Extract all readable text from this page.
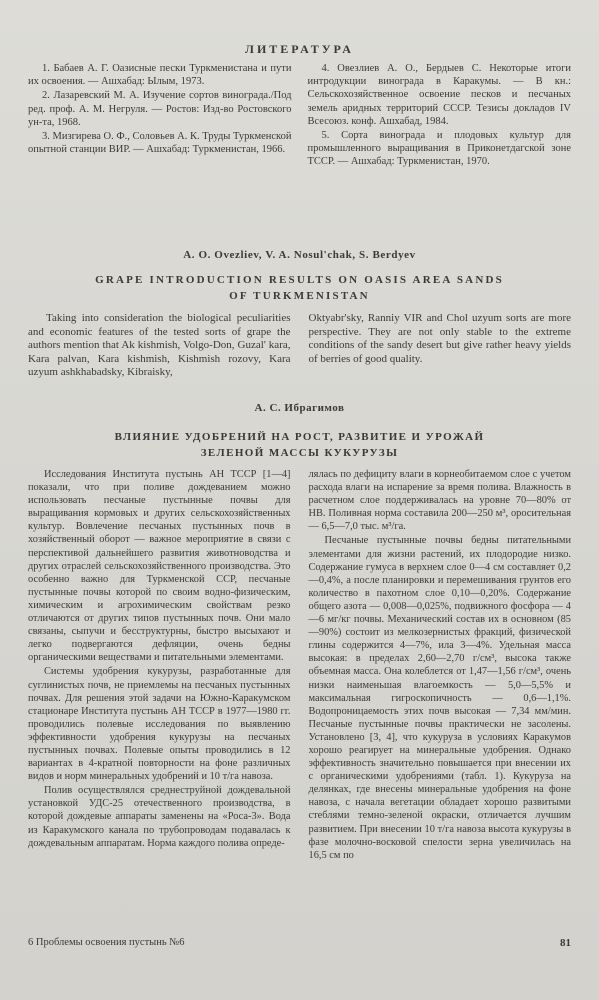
ЛИТЕРАТУРА

1. Бабаев А. Г. Оазисные пески Туркменистана и пути их освоения. — Ашхабад: Ылым, 1973.

2. Лазаревский М. А. Изучение сортов винограда./Под ред. проф. А. М. Негруля. — Ростов: Изд-во Ростовского ун-та, 1968.

3. Мизгирева О. Ф., Соловьев А. К. Труды Туркменской опытной станции ВИР. — Ашхабад: Туркменистан, 1966.

4. Овезлиев А. О., Бердыев С. Некоторые итоги интродукции винограда в Каракумы. — В кн.: Сельскохозяйственное освоение песков и песчаных земель аридных территорий СССР. Тезисы докладов IV Всесоюз. конф. Ашхабад, 1984.

5. Сорта винограда и плодовых культур для промышленного выращивания в Приконетдагской зоне ТССР. — Ашхабад: Туркменистан, 1970.

A. O. Ovezliev, V. A. Nosul'chak, S. Berdyev
GRAPE INTRODUCTION RESULTS ON OASIS AREA SANDS
OF TURKMENISTAN

Taking into consideration the biological peculiarities and economic features of the tested sorts of grape the authors mention that Ak kishmish, Volgo-Don, Guzal' kara, Kara palvan, Kara kishmish, Kishmish rozovy, Kara uzyum ashkhabadsky, Kibraisky,

Oktyabr'sky, Ranniy VIR and Chol uzyum sorts are more perspective. They are not only stable to the extreme conditions of the sandy desert but give rather heavy yields of berries of good quality.

А. С. Ибрагимов
ВЛИЯНИЕ УДОБРЕНИЙ НА РОСТ, РАЗВИТИЕ И УРОЖАЙ
ЗЕЛЕНОЙ МАССЫ КУКУРУЗЫ

Исследования Института пустынь АН ТССР [1—4] показали, что при поливе дождеванием можно использовать песчаные пустынные почвы для выращивания кормовых и других сельскохозяйственных культур. Вовлечение песчаных пустынных почв в хозяйственный оборот — важное мероприятие в связи с перспективой дальнейшего развития животноводства и других отраслей сельскохозяйственного производства. Это особенно важно для Туркменской ССР, песчаные пустынные почвы которой по своим водно-физическим, химическим и агрохимическим свойствам резко отличаются от других типов пустынных почв. Они мало связаны, сыпучи и бесструктурны, быстро высыхают и легко подвергаются дефляции, очень бедны органическими веществами и питательными элементами.

Системы удобрения кукурузы, разработанные для суглинистых почв, не приемлемы на песчаных пустынных почвах. Для решения этой задачи на Южно-Каракумском стационаре Института пустынь АН ТССР в 1977—1980 гг. проводились полевые исследования по выявлению эффективности удобрения кукурузы на песчаных пустынных почвах. Полевые опыты проводились в 12 вариантах в 4-кратной повторности на фоне различных видов и норм минеральных удобрений и 10 т/га навоза.

Полив осуществлялся среднеструйной дождевальной установкой УДС-25 отечественного производства, в которой дождевые аппараты заменены на «Роса-3». Вода из Каракумского канала по трубопроводам подавалась к дождевальным аппаратам. Норма каждого полива опреде-

лялась по дефициту влаги в корнеобитаемом слое с учетом расхода влаги на испарение за время полива. Влажность в расчетном слое поддерживалась на уровне 70—80% от НВ. Поливная норма составила 200—250 м³, оросительная — 6,5—7,0 тыс. м³/га.

Песчаные пустынные почвы бедны питательными элементами для жизни растений, их плодородие низко. Содержание гумуса в верхнем слое 0—4 см составляет 0,2—0,4%, а после планировки и перемешивания грунтов его количество в пахотном слое 0,10—0,20%. Содержание общего азота — 0,008—0,025%, подвижного фосфора — 4—6 мг/кг почвы. Механический состав их в основном (85—90%) состоит из мелкозернистых фракций, физической глины содержится 4—7%, ила 3—4%. Удельная масса высокая: в пределах 2,60—2,70 г/см³, высока также объемная масса. Она колеблется от 1,47—1,56 г/см³, очень низки наименьшая влагоемкость — 5,0—5,5% и максимальная гигроскопичность — 0,6—1,1%. Водопроницаемость этих почв высокая — 7,34 мм/мин. Песчаные пустынные почвы практически не засолены. Установлено [3, 4], что кукуруза в условиях Каракумов хорошо реагирует на минеральные удобрения. Однако эффективность значительно повышается при внесении их с органическими удобрениями (табл. 1). Кукуруза на делянках, где внесены минеральные удобрения на фоне навоза, с начала вегетации обладает хорошо развитыми стеблями темно-зеленой окраски, отличается лучшим развитием. При внесении 10 т/га навоза высота кукурузы в фазе молочно-восковой спелости зерна увеличилась на 16,5 см по

6 Проблемы освоения пустынь №6	81
